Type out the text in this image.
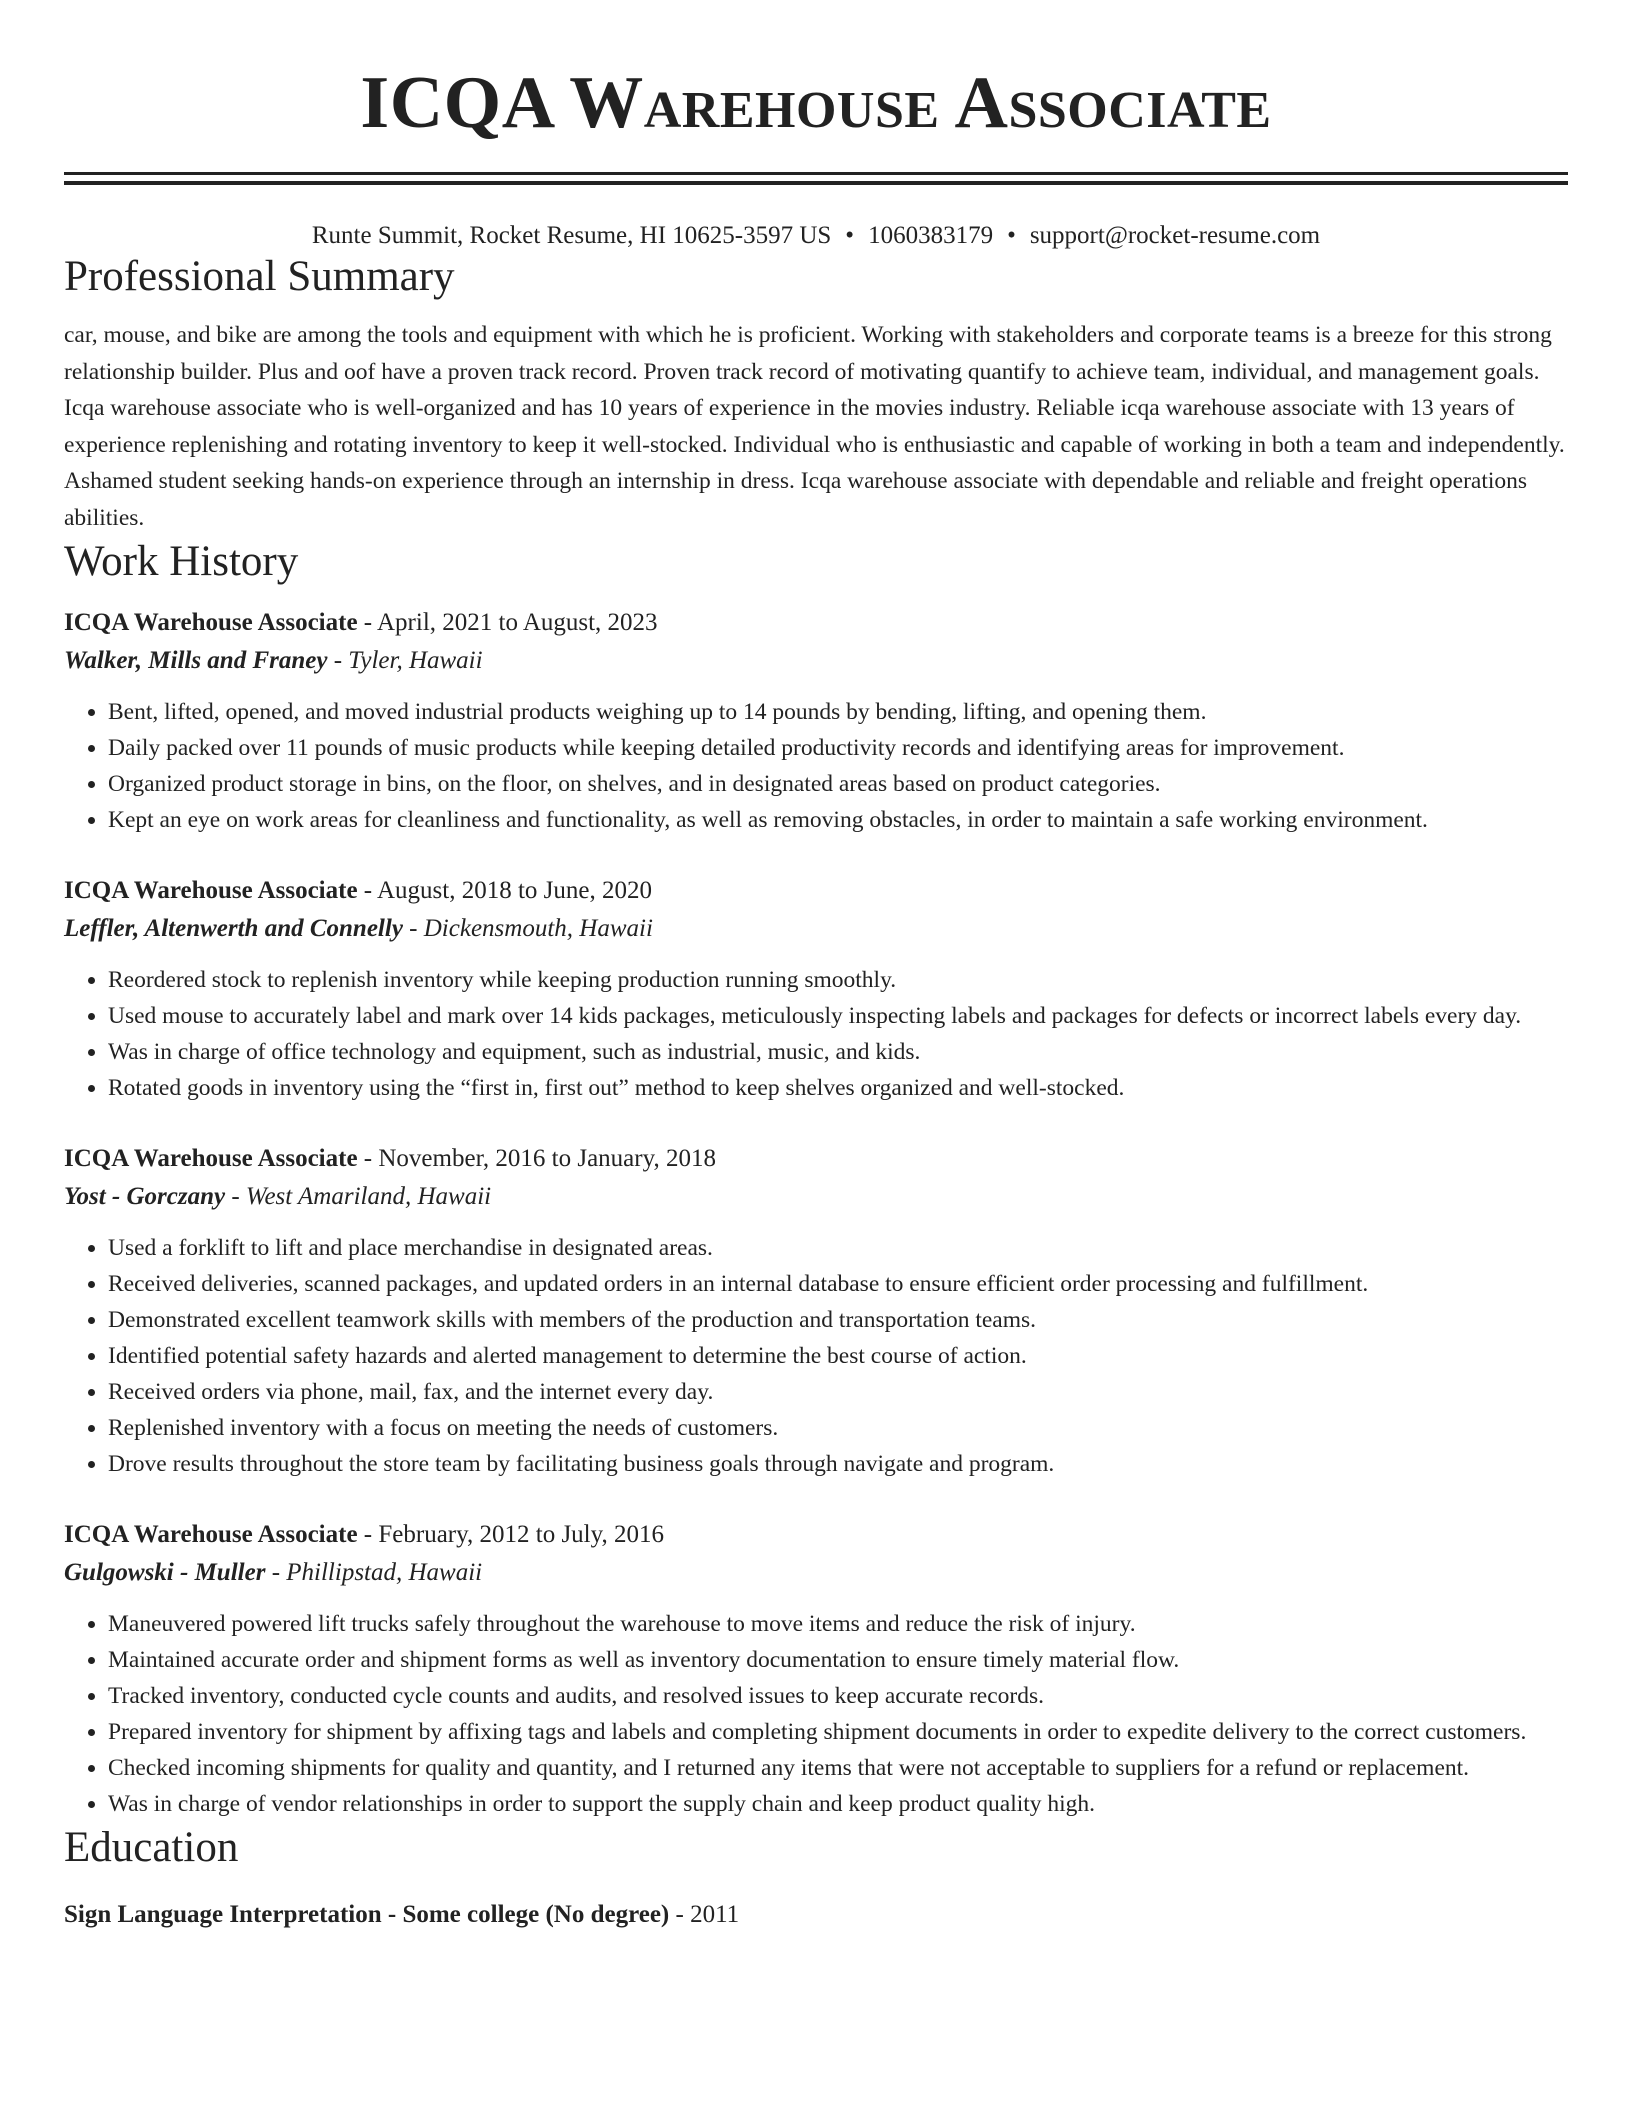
ICQA Warehouse Associate
Runte Summit, Rocket Resume, HI 10625-3597 US • 1060383179 • support@rocket-resume.com
Professional Summary
car, mouse, and bike are among the tools and equipment with which he is proficient. Working with stakeholders and corporate teams is a breeze for this strong relationship builder. Plus and oof have a proven track record. Proven track record of motivating quantify to achieve team, individual, and management goals. Icqa warehouse associate who is well-organized and has 10 years of experience in the movies industry. Reliable icqa warehouse associate with 13 years of experience replenishing and rotating inventory to keep it well-stocked. Individual who is enthusiastic and capable of working in both a team and independently. Ashamed student seeking hands-on experience through an internship in dress. Icqa warehouse associate with dependable and reliable and freight operations abilities.
Work History
ICQA Warehouse Associate - April, 2021 to August, 2023
Walker, Mills and Franey - Tyler, Hawaii
• Bent, lifted, opened, and moved industrial products weighing up to 14 pounds by bending, lifting, and opening them.
• Daily packed over 11 pounds of music products while keeping detailed productivity records and identifying areas for improvement.
• Organized product storage in bins, on the floor, on shelves, and in designated areas based on product categories.
• Kept an eye on work areas for cleanliness and functionality, as well as removing obstacles, in order to maintain a safe working environment.
ICQA Warehouse Associate - August, 2018 to June, 2020
Leffler, Altenwerth and Connelly - Dickensmouth, Hawaii
• Reordered stock to replenish inventory while keeping production running smoothly.
• Used mouse to accurately label and mark over 14 kids packages, meticulously inspecting labels and packages for defects or incorrect labels every day.
• Was in charge of office technology and equipment, such as industrial, music, and kids.
• Rotated goods in inventory using the “first in, first out” method to keep shelves organized and well-stocked.
ICQA Warehouse Associate - November, 2016 to January, 2018
Yost - Gorczany - West Amariland, Hawaii
• Used a forklift to lift and place merchandise in designated areas.
• Received deliveries, scanned packages, and updated orders in an internal database to ensure efficient order processing and fulfillment.
• Demonstrated excellent teamwork skills with members of the production and transportation teams.
• Identified potential safety hazards and alerted management to determine the best course of action.
• Received orders via phone, mail, fax, and the internet every day.
• Replenished inventory with a focus on meeting the needs of customers.
• Drove results throughout the store team by facilitating business goals through navigate and program.
ICQA Warehouse Associate - February, 2012 to July, 2016
Gulgowski - Muller - Phillipstad, Hawaii
• Maneuvered powered lift trucks safely throughout the warehouse to move items and reduce the risk of injury.
• Maintained accurate order and shipment forms as well as inventory documentation to ensure timely material flow.
• Tracked inventory, conducted cycle counts and audits, and resolved issues to keep accurate records.
• Prepared inventory for shipment by affixing tags and labels and completing shipment documents in order to expedite delivery to the correct customers.
• Checked incoming shipments for quality and quantity, and I returned any items that were not acceptable to suppliers for a refund or replacement.
• Was in charge of vendor relationships in order to support the supply chain and keep product quality high.
Education
Sign Language Interpretation - Some college (No degree) - 2011
